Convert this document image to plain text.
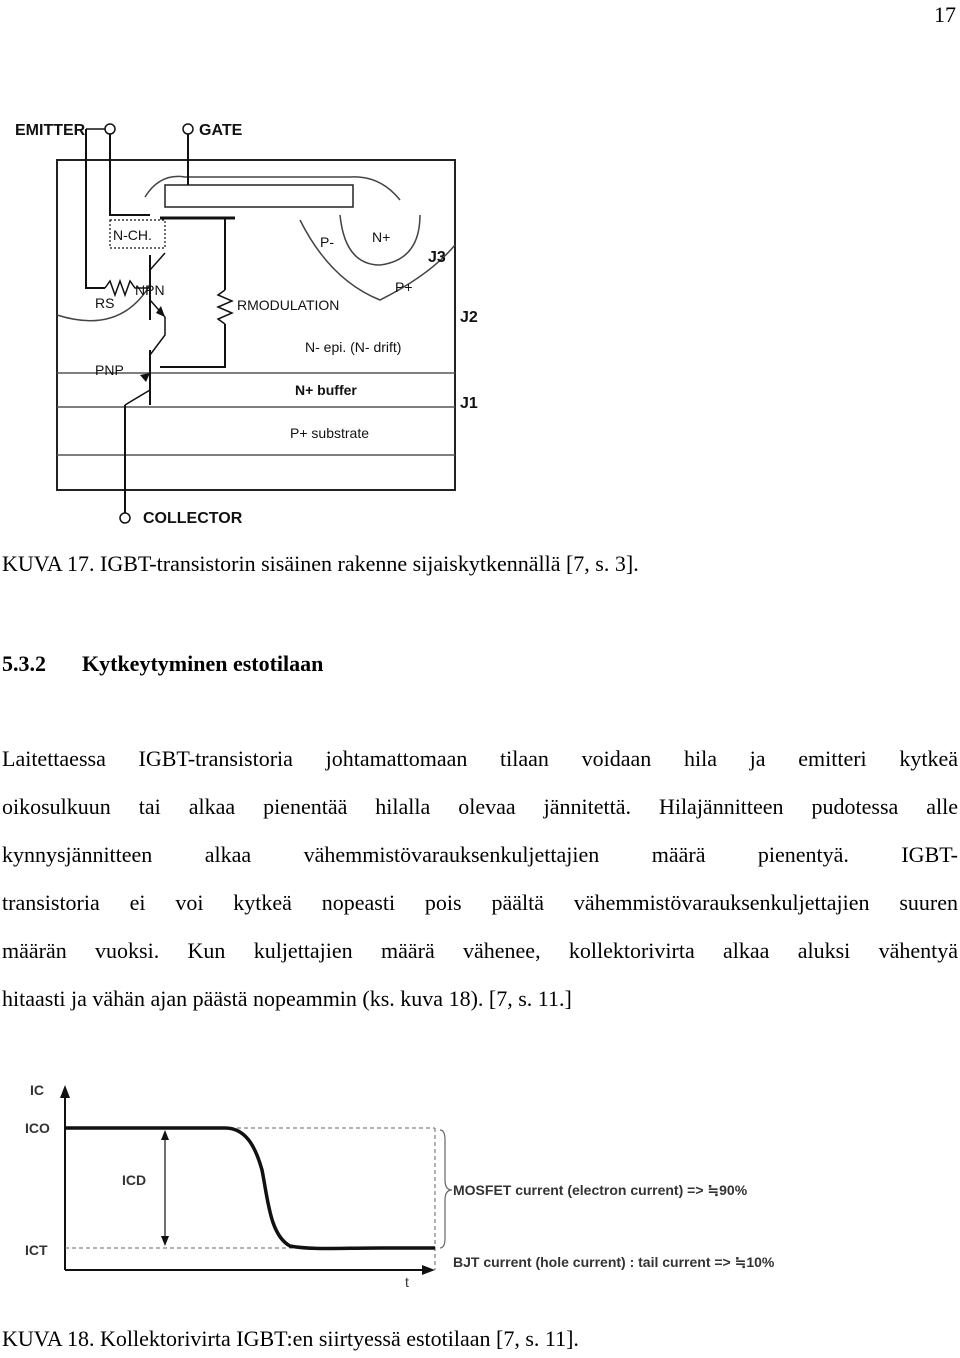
17
EMITTER	GATE
COLLECTOR
N-CH.
NPN
PNP
RS	RMODULATION
P-	N+
P+
N- epi. (N- drift)
N+ buffer
P+ substrate
J1
J2
J3
KUVA 17. IGBT-transistorin sisäinen rakenne sijaiskytkennällä [7, s. 3].
5.3.2 Kytkeytyminen estotilaan
Laitettaessa IGBT-transistoria johtamattomaan tilaan voidaan hila ja emitteri kytkeä
oikosulkuun tai alkaa pienentää hilalla olevaa jännitettä. Hilajännitteen pudotessa alle
kynnysjännitteen alkaa vähemmistövarauksenkuljettajien määrä pienentyä. IGBT-
transistoria ei voi kytkeä nopeasti pois päältä vähemmistövarauksenkuljettajien suuren
määrän vuoksi. Kun kuljettajien määrä vähenee, kollektorivirta alkaa aluksi vähentyä
hitaasti ja vähän ajan päästä nopeammin (ks. kuva 18). [7, s. 11.]
IC
ICO
ICD
ICT
t
MOSFET current (electron current) => ≒90%
BJT current (hole current) : tail current => ≒10%
KUVA 18. Kollektorivirta IGBT:en siirtyessä estotilaan [7, s. 11].
